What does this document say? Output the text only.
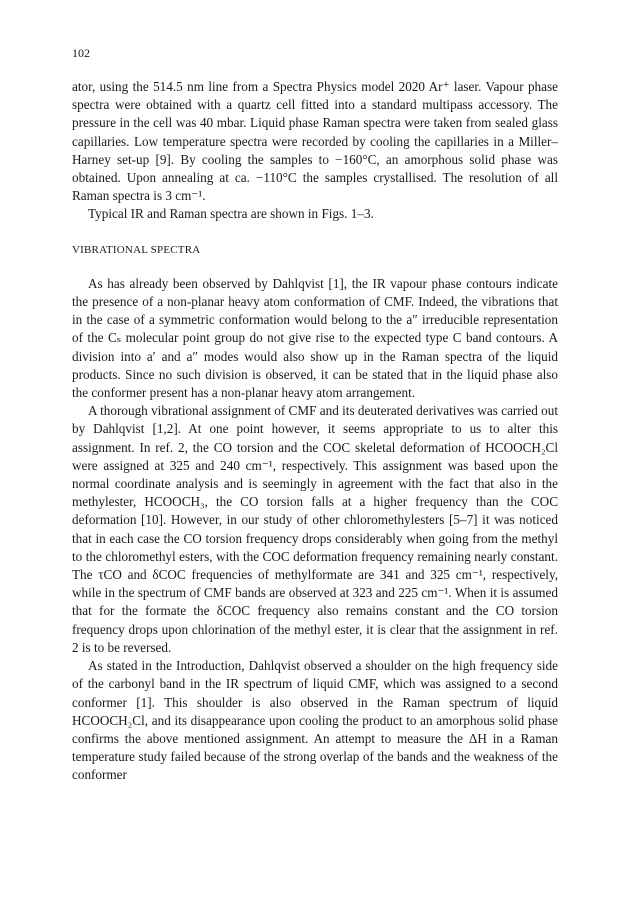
102

ator, using the 514.5 nm line from a Spectra Physics model 2020 Ar⁺ laser. Vapour phase spectra were obtained with a quartz cell fitted into a standard multipass accessory. The pressure in the cell was 40 mbar. Liquid phase Raman spectra were taken from sealed glass capillaries. Low temperature spectra were recorded by cooling the capillaries in a Miller–Harney set-up [9]. By cooling the samples to −160°C, an amorphous solid phase was obtained. Upon annealing at ca. −110°C the samples crystallised. The resolution of all Raman spectra is 3 cm⁻¹.

Typical IR and Raman spectra are shown in Figs. 1–3.

VIBRATIONAL SPECTRA

As has already been observed by Dahlqvist [1], the IR vapour phase contours indicate the presence of a non-planar heavy atom conformation of CMF. Indeed, the vibrations that in the case of a symmetric conformation would belong to the a″ irreducible representation of the Cₛ molecular point group do not give rise to the expected type C band contours. A division into a′ and a″ modes would also show up in the Raman spectra of the liquid products. Since no such division is observed, it can be stated that in the liquid phase also the conformer present has a non-planar heavy atom arrangement.

A thorough vibrational assignment of CMF and its deuterated derivatives was carried out by Dahlqvist [1,2]. At one point however, it seems appropriate to us to alter this assignment. In ref. 2, the CO torsion and the COC skeletal deformation of HCOOCH₂Cl were assigned at 325 and 240 cm⁻¹, respectively. This assignment was based upon the normal coordinate analysis and is seemingly in agreement with the fact that also in the methylester, HCOOCH₃, the CO torsion falls at a higher frequency than the COC deformation [10]. However, in our study of other chloromethylesters [5–7] it was noticed that in each case the CO torsion frequency drops considerably when going from the methyl to the chloromethyl esters, with the COC deformation frequency remaining nearly constant. The τCO and δCOC frequencies of methylformate are 341 and 325 cm⁻¹, respectively, while in the spectrum of CMF bands are observed at 323 and 225 cm⁻¹. When it is assumed that for the formate the δCOC frequency also remains constant and the CO torsion frequency drops upon chlorination of the methyl ester, it is clear that the assignment in ref. 2 is to be reversed.

As stated in the Introduction, Dahlqvist observed a shoulder on the high frequency side of the carbonyl band in the IR spectrum of liquid CMF, which was assigned to a second conformer [1]. This shoulder is also observed in the Raman spectrum of liquid HCOOCH₂Cl, and its disappearance upon cooling the product to an amorphous solid phase confirms the above mentioned assignment. An attempt to measure the ΔH in a Raman temperature study failed because of the strong overlap of the bands and the weakness of the conformer
